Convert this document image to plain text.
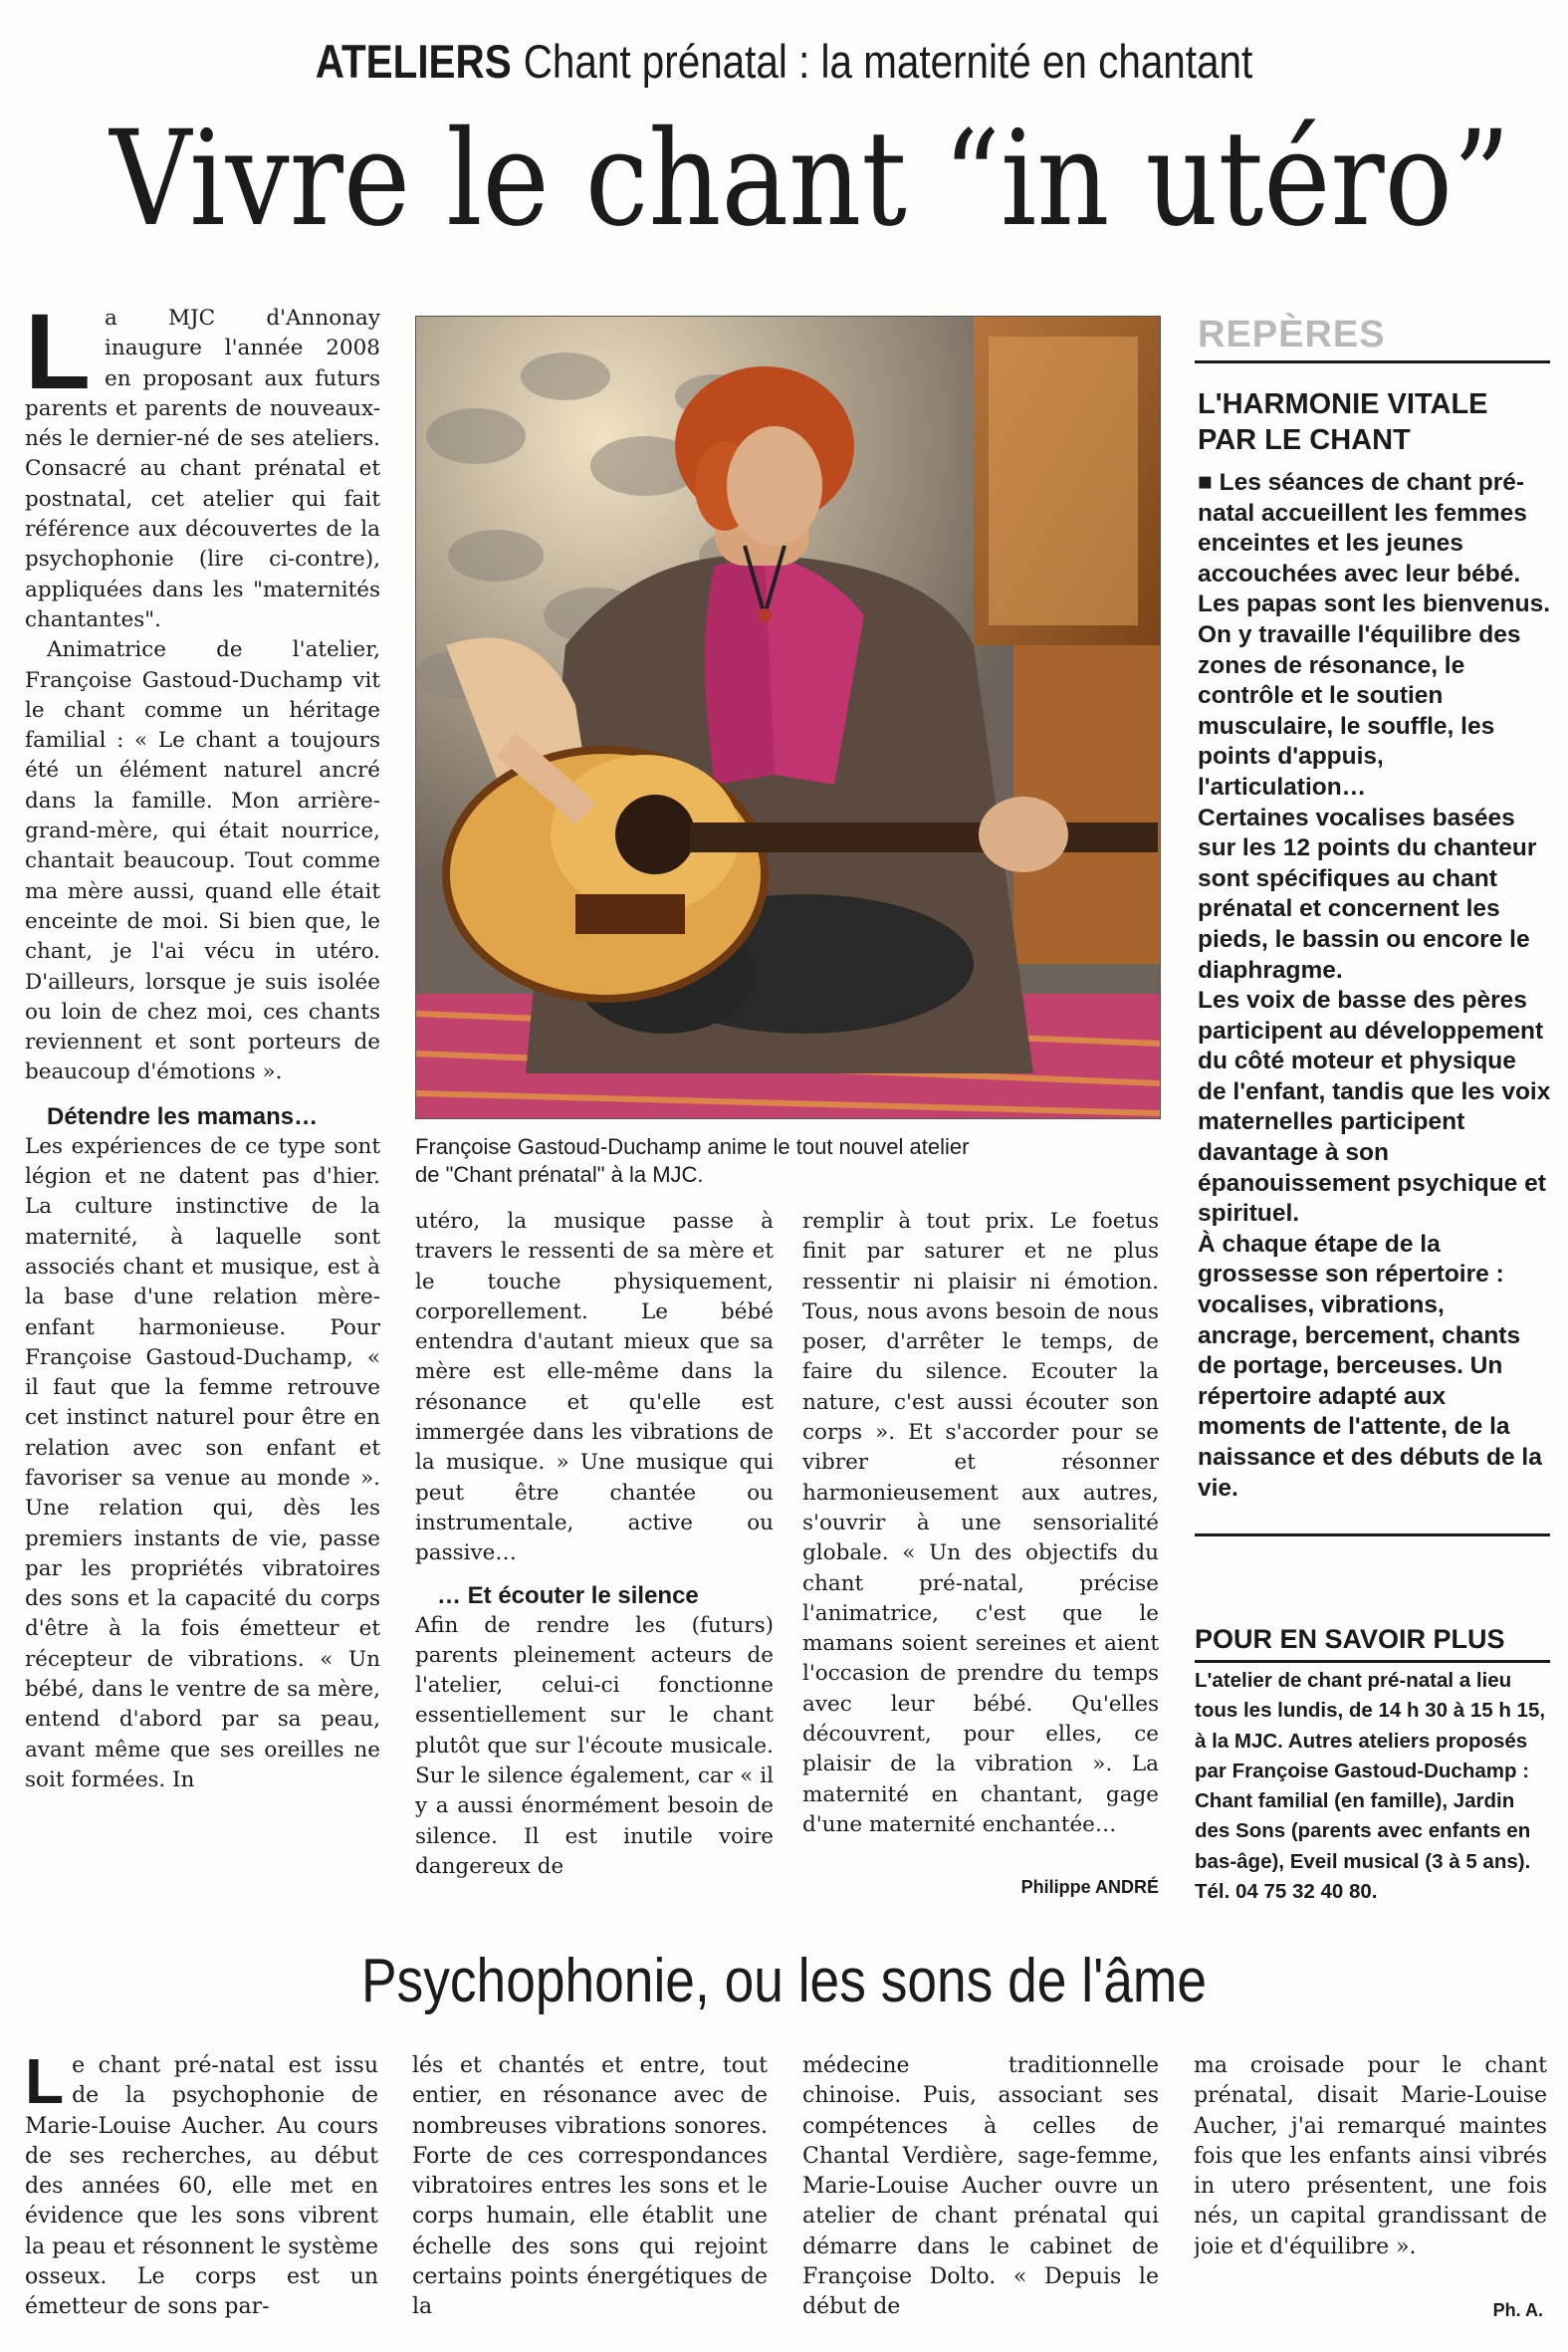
ATELIERS Chant prénatal : la maternité en chantant
Vivre le chant “in utéro”
L a MJC d'Annonay inaugure l'année 2008 en proposant aux futurs parents et parents de nouveaux-nés le dernier-né de ses ateliers. Consacré au chant prénatal et postnatal, cet atelier qui fait référence aux découvertes de la psychophonie (lire ci-contre), appliquées dans les "maternités chantantes".

Animatrice de l'atelier, Françoise Gastoud-Duchamp vit le chant comme un héritage familial : « Le chant a toujours été un élément naturel ancré dans la famille. Mon arrière-grand-mère, qui était nourrice, chantait beaucoup. Tout comme ma mère aussi, quand elle était enceinte de moi. Si bien que, le chant, je l'ai vécu in utéro. D'ailleurs, lorsque je suis isolée ou loin de chez moi, ces chants reviennent et sont porteurs de beaucoup d'émotions ».

Détendre les mamans…

Les expériences de ce type sont légion et ne datent pas d'hier. La culture instinctive de la maternité, à laquelle sont associés chant et musique, est à la base d'une relation mère-enfant harmonieuse. Pour Françoise Gastoud-Duchamp, « il faut que la femme retrouve cet instinct naturel pour être en relation avec son enfant et favoriser sa venue au monde ». Une relation qui, dès les premiers instants de vie, passe par les propriétés vibratoires des sons et la capacité du corps d'être à la fois émetteur et récepteur de vibrations. « Un bébé, dans le ventre de sa mère, entend d'abord par sa peau, avant même que ses oreilles ne soit formées. In

Françoise Gastoud-Duchamp anime le tout nouvel atelier
de "Chant prénatal" à la MJC.

utéro, la musique passe à travers le ressenti de sa mère et le touche physiquement, corporellement. Le bébé entendra d'autant mieux que sa mère est elle-même dans la résonance et qu'elle est immergée dans les vibrations de la musique. » Une musique qui peut être chantée ou instrumentale, active ou passive…

… Et écouter le silence

Afin de rendre les (futurs) parents pleinement acteurs de l'atelier, celui-ci fonctionne essentiellement sur le chant plutôt que sur l'écoute musicale. Sur le silence également, car « il y a aussi énormément besoin de silence. Il est inutile voire dangereux de

remplir à tout prix. Le foetus finit par saturer et ne plus ressentir ni plaisir ni émotion. Tous, nous avons besoin de nous poser, d'arrêter le temps, de faire du silence. Ecouter la nature, c'est aussi écouter son corps ». Et s'accorder pour se vibrer et résonner harmonieusement aux autres, s'ouvrir à une sensorialité globale. « Un des objectifs du chant pré-natal, précise l'animatrice, c'est que le mamans soient sereines et aient l'occasion de prendre du temps avec leur bébé. Qu'elles découvrent, pour elles, ce plaisir de la vibration ». La maternité en chantant, gage d'une maternité enchantée…

Philippe ANDRÉ
REPÈRES
L'HARMONIE VITALE
PAR LE CHANT

■ Les séances de chant pré-natal accueillent les femmes enceintes et les jeunes accouchées avec leur bébé. Les papas sont les bienvenus.

On y travaille l'équilibre des zones de résonance, le contrôle et le soutien musculaire, le souffle, les points d'appuis, l'articulation…

Certaines vocalises basées sur les 12 points du chanteur sont spécifiques au chant prénatal et concernent les pieds, le bassin ou encore le diaphragme.

Les voix de basse des pères participent au développement du côté moteur et physique de l'enfant, tandis que les voix maternelles participent davantage à son épanouissement psychique et spirituel.

À chaque étape de la grossesse son répertoire : vocalises, vibrations, ancrage, bercement, chants de portage, berceuses. Un répertoire adapté aux moments de l'attente, de la naissance et des débuts de la vie.

POUR EN SAVOIR PLUS
L'atelier de chant pré-natal a lieu tous les lundis, de 14 h 30 à 15 h 15, à la MJC. Autres ateliers proposés par Françoise Gastoud-Duchamp : Chant familial (en famille), Jardin des Sons (parents avec enfants en bas-âge), Eveil musical (3 à 5 ans). Tél. 04 75 32 40 80.
Psychophonie, ou les sons de l'âme
L e chant pré-natal est issu de la psychophonie de Marie-Louise Aucher. Au cours de ses recherches, au début des années 60, elle met en évidence que les sons vibrent la peau et résonnent le système osseux. Le corps est un émetteur de sons par-

lés et chantés et entre, tout entier, en résonance avec de nombreuses vibrations sonores. Forte de ces correspondances vibratoires entres les sons et le corps humain, elle établit une échelle des sons qui rejoint certains points énergétiques de la

médecine traditionnelle chinoise. Puis, associant ses compétences à celles de Chantal Verdière, sage-femme, Marie-Louise Aucher ouvre un atelier de chant prénatal qui démarre dans le cabinet de Françoise Dolto. « Depuis le début de

ma croisade pour le chant prénatal, disait Marie-Louise Aucher, j'ai remarqué maintes fois que les enfants ainsi vibrés in utero présentent, une fois nés, un capital grandissant de joie et d'équilibre ».

Ph. A.
